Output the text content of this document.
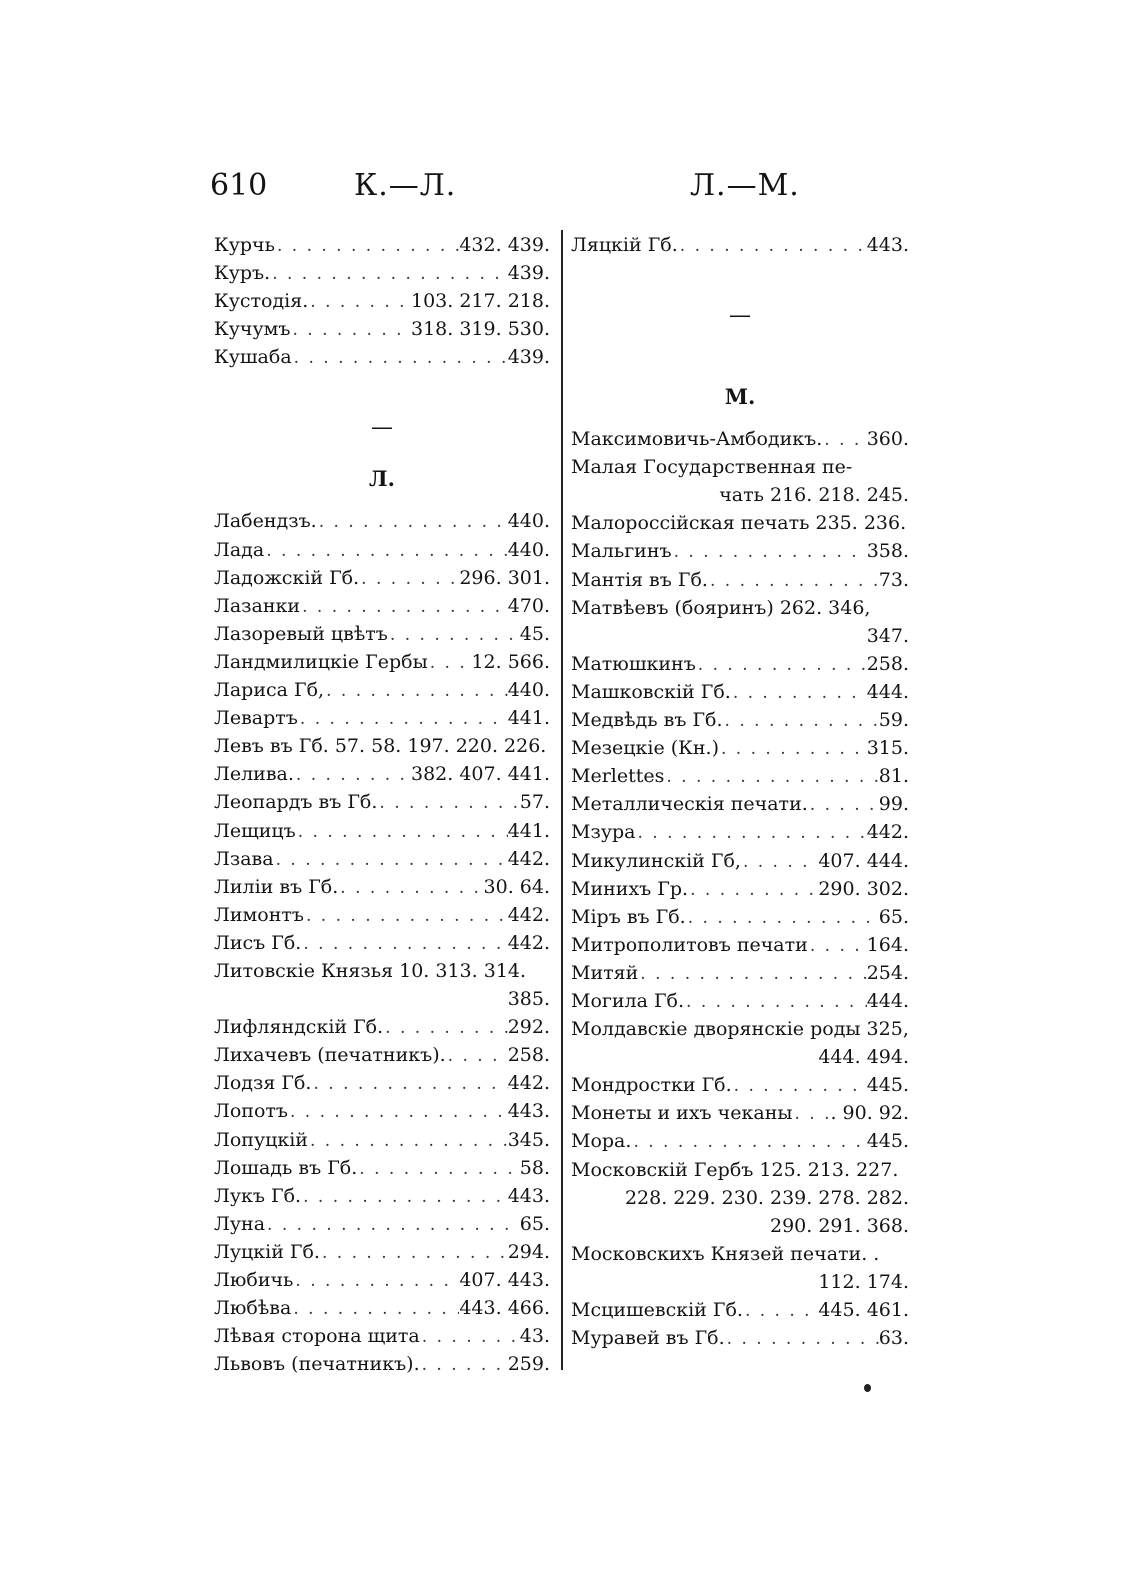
610	К.—Л.	Л.—М.
Курчь . . .	432. 439.
Куръ. . . .	439.
Кустодія. . . .	103. 217. 218.
Кучумъ . . .	318. 319. 530.
Кушаба . . .	439.
—
Л.
Лабендзъ. . . .	440.
Лада . . .	440.
Ладожскій Гб. . . .	296. 301.
Лазанки . . .	470.
Лазоревый цвѣтъ . . .	45.
Ландмилицкіе Гербы . . . 12. 566.
Лариса Гб, . . .	440.
Левартъ . . .	441.
Левъ въ Гб. 57. 58. 197. 220. 226.
Лелива. . . .	382. 407. 441.
Леопардъ въ Гб. . . .	57.
Лещицъ . . .	441.
Лзава . . .	442.
Лиліи въ Гб. . . .	30. 64.
Лимонтъ . . .	442.
Лисъ Гб. . . .	442.
Литовскіе Князья 10. 313. 314.
385.
Лифляндскій Гб. . . .	292.
Лихачевъ (печатникъ). . . .	258.
Лодзя Гб. . . .	442.
Лопотъ . . .	443.
Лопуцкій . . .	345.
Лошадь въ Гб. . . .	58.
Лукъ Гб. . . .	443.
Луна . . .	65.
Луцкій Гб. . . .	294.
Любичь . . .	407. 443.
Любѣва . . .	443. 466.
Лѣвая сторона щита . . .	43.
Львовъ (печатникъ). . . .	259.
Ляцкій Гб. . . .	443.
—
М.
Максимовичь-Амбодикъ. . . . 360.
Малая Государственная пе-
чать 216. 218. 245.
Малороссійская печать 235. 236.
Мальгинъ . . .	358.
Мантія въ Гб. . . .	73.
Матвѣевъ (бояринъ) 262. 346,
347.
Матюшкинъ . . .	258.
Машковскій Гб. . . .	444.
Медвѣдь въ Гб. . . .	59.
Мезецкіе (Кн.) . . .	315.
Merlettes . . .	81.
Металлическія печати. . . .	99.
Мзура . . .	442.
Микулинскій Гб, . . .	407. 444.
Минихъ Гр. . . .	290. 302.
Міръ въ Гб. . . .	65.
Митрополитовъ печати . . .	164.
Митяй . . .	254.
Могила Гб. . . .	444.
Молдавскіе дворянскіе роды 325,
444. 494.
Мондростки Гб. . . .	445.
Монеты и ихъ чеканы . . . . 90. 92.
Мора. . . .	445.
Московскій Гербъ 125. 213. 227.
228. 229. 230. 239. 278. 282.
290. 291. 368.
Московскихъ Князей печати. .
112. 174.
Мсцишевскій Гб. . . .	445. 461.
Муравей въ Гб. . . .	63.
